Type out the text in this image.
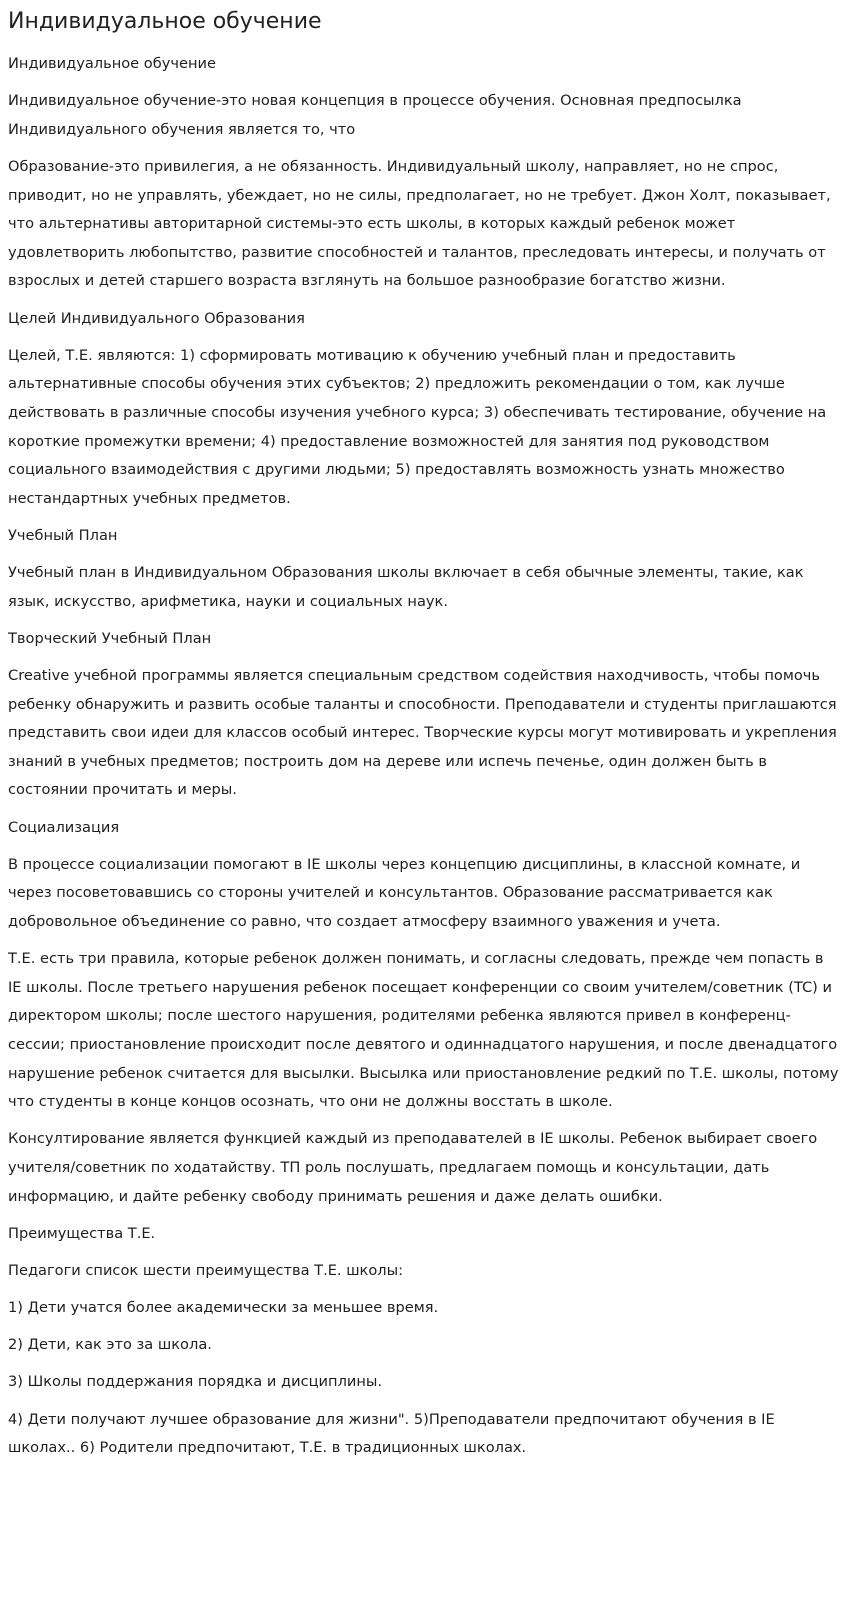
Индивидуальное обучение

Индивидуальное обучение

Индивидуальное обучение-это новая концепция в процессе обучения. Основная предпосылка Индивидуального обучения является то, что

Образование-это привилегия, а не обязанность. Индивидуальный школу, направляет, но не спрос, приводит, но не управлять, убеждает, но не силы, предполагает, но не требует. Джон Холт, показывает, что альтернативы авторитарной системы-это есть школы, в которых каждый ребенок может удовлетворить любопытство, развитие способностей и талантов, преследовать интересы, и получать от взрослых и детей старшего возраста взглянуть на большое разнообразие богатство жизни.

Целей Индивидуального Образования

Целей, Т.Е. являются: 1) сформировать мотивацию к обучению учебный план и предоставить альтернативные способы обучения этих субъектов; 2) предложить рекомендации о том, как лучше действовать в различные способы изучения учебного курса; 3) обеспечивать тестирование, обучение на короткие промежутки времени; 4) предоставление возможностей для занятия под руководством социального взаимодействия с другими людьми; 5) предоставлять возможность узнать множество нестандартных учебных предметов.

Учебный План

Учебный план в Индивидуальном Образования школы включает в себя обычные элементы, такие, как язык, искусство, арифметика, науки и социальных наук.

Творческий Учебный План

Creative учебной программы является специальным средством содействия находчивость, чтобы помочь ребенку обнаружить и развить особые таланты и способности. Преподаватели и студенты приглашаются представить свои идеи для классов особый интерес. Творческие курсы могут мотивировать и укрепления знаний в учебных предметов; построить дом на дереве или испечь печенье, один должен быть в состоянии прочитать и меры.

Социализация

В процессе социализации помогают в IE школы через концепцию дисциплины, в классной комнате, и через посоветовавшись со стороны учителей и консультантов. Образование рассматривается как добровольное объединение со равно, что создает атмосферу взаимного уважения и учета.

Т.Е. есть три правила, которые ребенок должен понимать, и согласны следовать, прежде чем попасть в IE школы. После третьего нарушения ребенок посещает конференции со своим учителем/советник (TC) и директором школы; после шестого нарушения, родителями ребенка являются привел в конференц-сессии; приостановление происходит после девятого и одиннадцатого нарушения, и после двенадцатого нарушение ребенок считается для высылки. Высылка или приостановление редкий по Т.Е. школы, потому что студенты в конце концов осознать, что они не должны восстать в школе.

Консултирование является функцией каждый из преподавателей в IE школы. Ребенок выбирает своего учителя/советник по ходатайству. ТП роль послушать, предлагаем помощь и консультации, дать информацию, и дайте ребенку свободу принимать решения и даже делать ошибки.

Преимущества Т.Е.

Педагоги список шести преимущества Т.Е. школы:

1) Дети учатся более академически за меньшее время.

2) Дети, как это за школа.

3) Школы поддержания порядка и дисциплины.

4) Дети получают лучшее образование для жизни". 5)Преподаватели предпочитают обучения в IE школах.. 6) Родители предпочитают, Т.Е. в традиционных школах.
